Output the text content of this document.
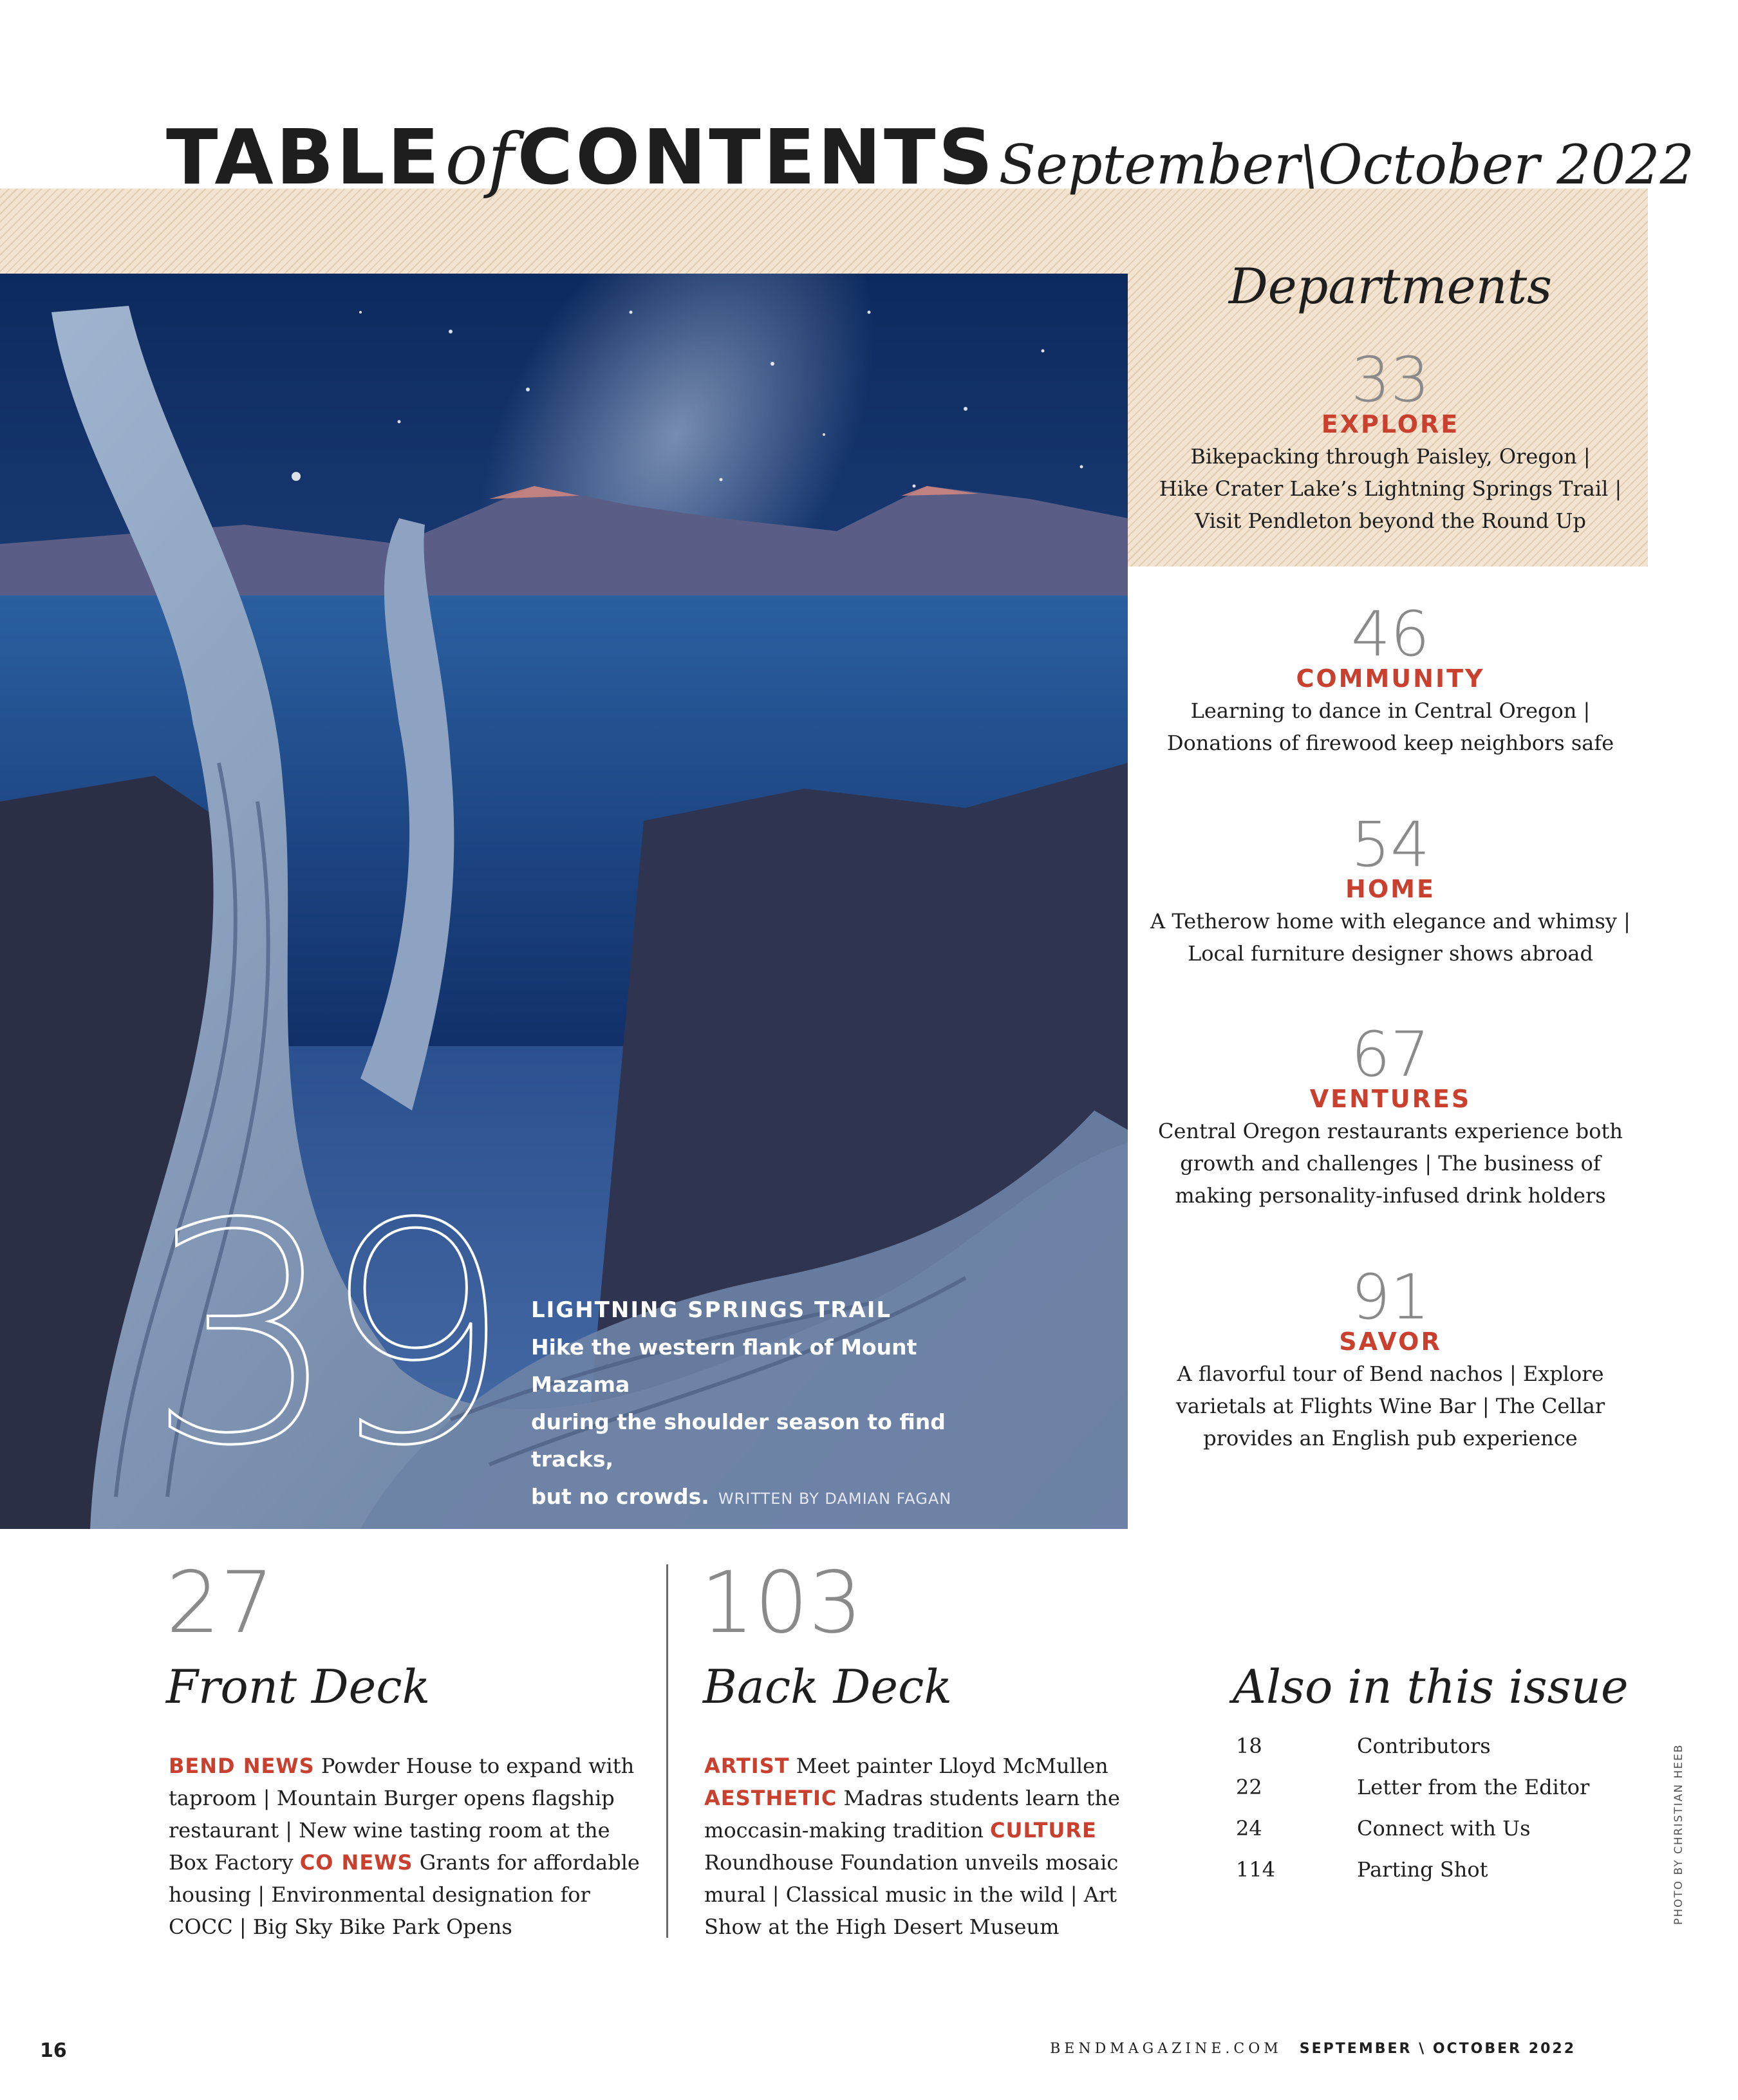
TABLE of CONTENTS September\October 2022
39 LIGHTNING SPRINGS TRAIL
Hike the western flank of Mount Mazama
during the shoulder season to find tracks,
but no crowds. WRITTEN BY DAMIAN FAGAN
Departments
33
EXPLORE
Bikepacking through Paisley, Oregon |
Hike Crater Lake’s Lightning Springs Trail |
Visit Pendleton beyond the Round Up
46
COMMUNITY
Learning to dance in Central Oregon |
Donations of firewood keep neighbors safe
54
HOME
A Tetherow home with elegance and whimsy |
Local furniture designer shows abroad
67
VENTURES
Central Oregon restaurants experience both
growth and challenges | The business of
making personality-infused drink holders
91
SAVOR
A flavorful tour of Bend nachos | Explore
varietals at Flights Wine Bar | The Cellar
provides an English pub experience
27
Front Deck
BEND NEWS Powder House to expand with
taproom | Mountain Burger opens flagship
restaurant | New wine tasting room at the
Box Factory CO NEWS Grants for affordable
housing | Environmental designation for
COCC | Big Sky Bike Park Opens
103
Back Deck
ARTIST Meet painter Lloyd McMullen
AESTHETIC Madras students learn the
moccasin-making tradition CULTURE
Roundhouse Foundation unveils mosaic
mural | Classical music in the wild | Art
Show at the High Desert Museum
Also in this issue
18	Contributors
22	Letter from the Editor
24	Connect with Us
114	Parting Shot	PHOTO BY CHRISTIAN HEEB
16	BENDMAGAZINE.COM SEPTEMBER \ OCTOBER 2022
